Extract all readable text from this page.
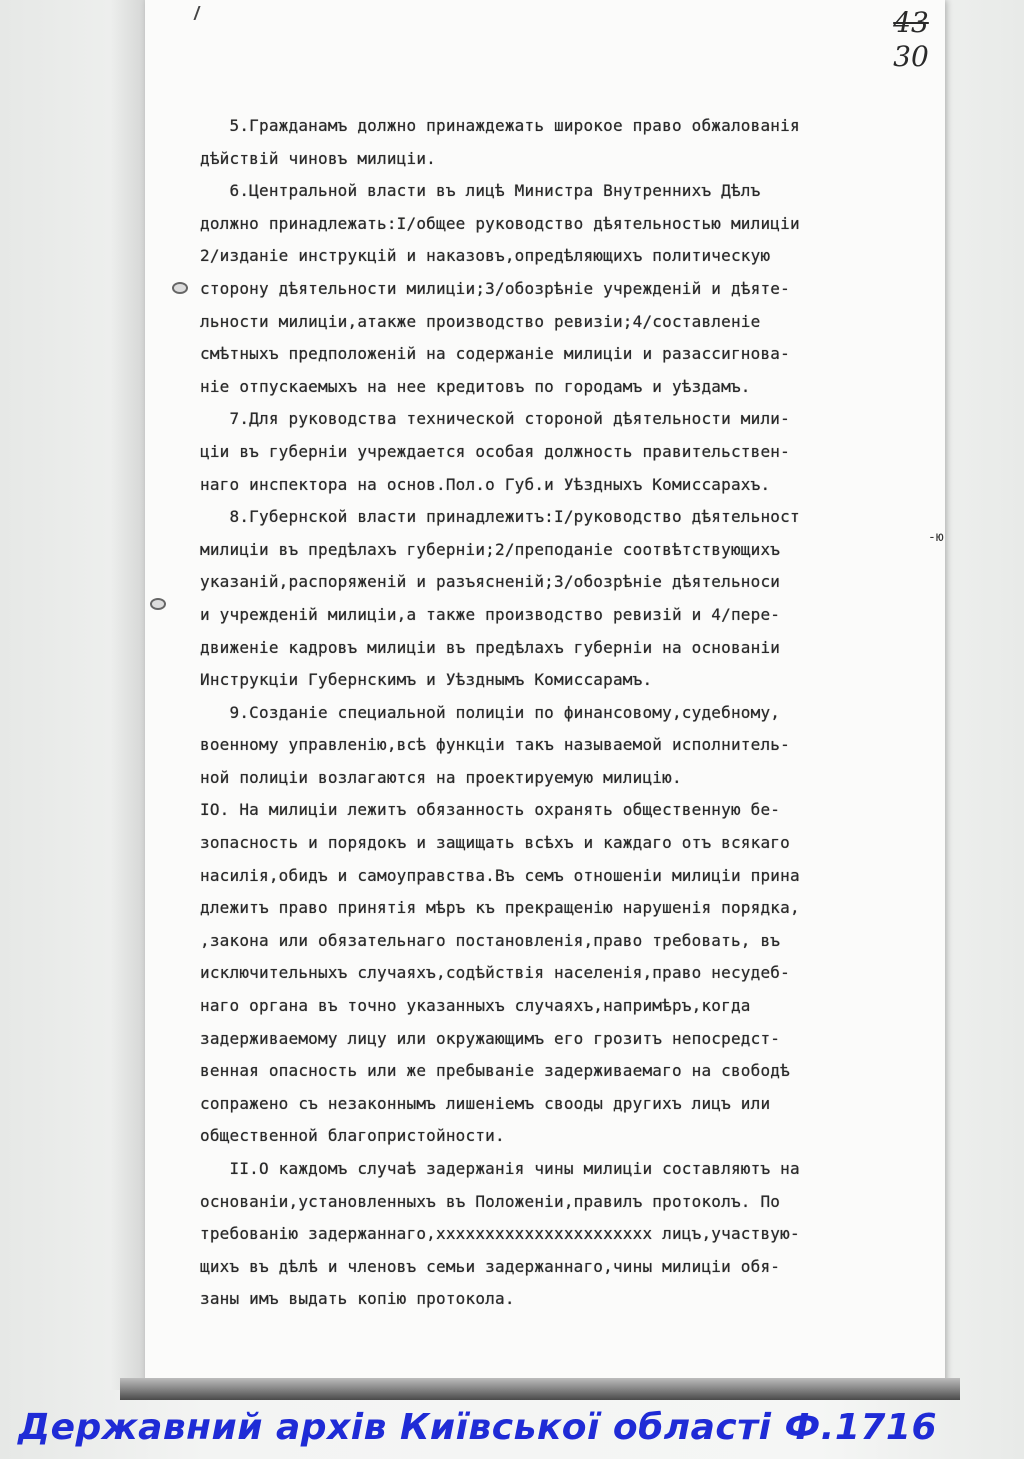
43
30
-ю
5.Гражданамъ должно принаждежать широкое право обжалованiя
дѣйствiй чиновъ милицiи.
6.Центральной власти въ лицѣ Министра Внутреннихъ Дѣлъ
должно принадлежать:I/общее руководство дѣятельностью милицiи
2/изданiе инструкцiй и наказовъ,опредѣляющихъ политическую
сторону дѣятельности милицiи;3/обозрѣнiе учрежденiй и дѣяте-
льности милицiи,атакже производство ревизiи;4/составленiе
смѣтныхъ предположенiй на содержанiе милицiи и разассигнова-
нiе отпускаемыхъ на нее кредитовъ по городамъ и уѣздамъ.
7.Для руководства технической стороной дѣятельности мили-
цiи въ губернiи учреждается особая должность правительствен-
наго инспектора на основ.Пол.о Губ.и Уѣздныхъ Комиссарахъ.
8.Губернской власти принадлежитъ:I/руководство дѣятельност
милицiи въ предѣлахъ губернiи;2/преподанiе соотвѣтствующихъ
указанiй,распоряженiй и разъясненiй;3/обозрѣнiе дѣятельноси
и учрежденiй милицiи,а также производство ревизiй и 4/пере-
движенiе кадровъ милицiи въ предѣлахъ губернiи на основанiи
Инструкцiи Губернскимъ и Уѣзднымъ Комиссарамъ.
9.Созданiе специальной полицiи по финансовому,судебному,
военному управленiю,всѣ функцiи такъ называемой исполнитель-
ной полицiи возлагаются на проектируемую милицiю.
IO. На милицiи лежитъ обязанность охранять общественную бе-
зопасность и порядокъ и защищать всѣхъ и каждаго отъ всякаго
насилiя,обидъ и самоуправства.Въ семъ отношенiи милицiи прина
длежитъ право принятiя мѣръ къ прекращенiю нарушенiя порядка,
,закона или обязательнаго постановленiя,право требовать, въ
исключительныхъ случаяхъ,содѣйствiя населенiя,право несудеб-
наго органа въ точно указанныхъ случаяхъ,напримѣръ,когда
задерживаемому лицу или окружающимъ его грозитъ непосредст-
венная опасность или же пребыванiе задерживаемаго на свободѣ
сопражено съ незаконнымъ лишенiемъ свооды другихъ лицъ или
общественной благопристойности.
II.О каждомъ случаѣ задержанiя чины милицiи составляютъ на
основанiи,установленныхъ въ Положенiи,правилъ протоколъ. По
требованiю задержаннаго,xxxxxxxxxxxxxxxxxxxxxx лицъ,участвую-
щихъ въ дѣлѣ и членовъ семьи задержаннаго,чины милицiи обя-
заны имъ выдать копiю протокола.
Державний архів Київської області Ф.1716
